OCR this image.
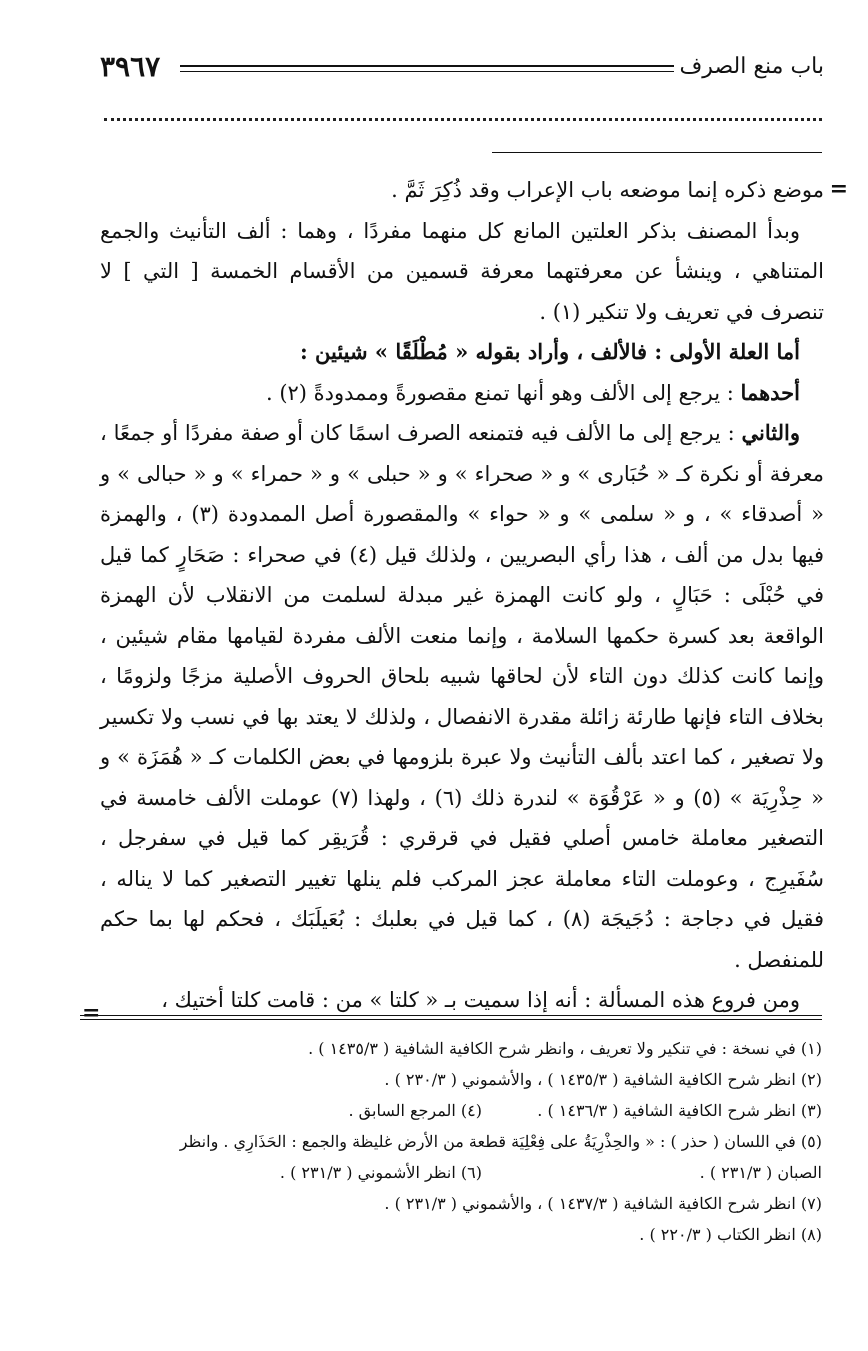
باب منع الصرف
٣٩٦٧
=

موضع ذكره إنما موضعه باب الإعراب وقد ذُكِرَ ثَمَّ .

وبدأ المصنف بذكر العلتين المانع كل منهما مفردًا ، وهما : ألف التأنيث والجمع المتناهي ، وينشأ عن معرفتهما معرفة قسمين من الأقسام الخمسة [ التي ] لا تنصرف في تعريف ولا تنكير (١) .

أما العلة الأولى : فالألف ، وأراد بقوله « مُطْلَقًا » شيئين :

أحدهما : يرجع إلى الألف وهو أنها تمنع مقصورةً وممدودةً (٢) .

والثاني : يرجع إلى ما الألف فيه فتمنعه الصرف اسمًا كان أو صفة مفردًا أو جمعًا ، معرفة أو نكرة كـ « حُبَارى » و « صحراء » و « حبلى » و « حمراء » و « حبالى » و « أصدقاء » ، و « سلمى » و « حواء » والمقصورة أصل الممدودة (٣) ، والهمزة فيها بدل من ألف ، هذا رأي البصريين ، ولذلك قيل (٤) في صحراء : صَحَارٍ كما قيل في حُبْلَى : حَبَالٍ ، ولو كانت الهمزة غير مبدلة لسلمت من الانقلاب لأن الهمزة الواقعة بعد كسرة حكمها السلامة ، وإنما منعت الألف مفردة لقيامها مقام شيئين ، وإنما كانت كذلك دون التاء لأن لحاقها شبيه بلحاق الحروف الأصلية مزجًا ولزومًا ، بخلاف التاء فإنها طارئة زائلة مقدرة الانفصال ، ولذلك لا يعتد بها في نسب ولا تكسير ولا تصغير ، كما اعتد بألف التأنيث ولا عبرة بلزومها في بعض الكلمات كـ « هُمَزَة » و « حِذْرِيَة » (٥) و « عَرْقُوَة » لندرة ذلك (٦) ، ولهذا (٧) عوملت الألف خامسة في التصغير معاملة خامس أصلي فقيل في قرقري : قُرَيقِر كما قيل في سفرجل ، سُفَيرِج ، وعوملت التاء معاملة عجز المركب فلم ينلها تغيير التصغير كما لا يناله ، فقيل في دجاجة : دُجَيجَة (٨) ، كما قيل في بعلبك : بُعَيلَبَك ، فحكم لها بما حكم للمنفصل .

ومن فروع هذه المسألة : أنه إذا سميت بـ « كلتا » من : قامت كلتا أختيك ،

=
(١) في نسخة : في تنكير ولا تعريف ، وانظر شرح الكافية الشافية ( ١٤٣٥/٣ ) .
(٢) انظر شرح الكافية الشافية ( ١٤٣٥/٣ ) ، والأشموني ( ٢٣٠/٣ ) .
(٣) انظر شرح الكافية الشافية ( ١٤٣٦/٣ ) .
(٤) المرجع السابق .
(٥) في اللسان ( حذر ) : « والحِذْرِيَةُ على فِعْلِيَة قطعة من الأرض غليظة والجمع : الحَذَارِي . وانظر
الصبان ( ٢٣١/٣ ) .
(٦) انظر الأشموني ( ٢٣١/٣ ) .
(٧) انظر شرح الكافية الشافية ( ١٤٣٧/٣ ) ، والأشموني ( ٢٣١/٣ ) .
(٨) انظر الكتاب ( ٢٢٠/٣ ) .
